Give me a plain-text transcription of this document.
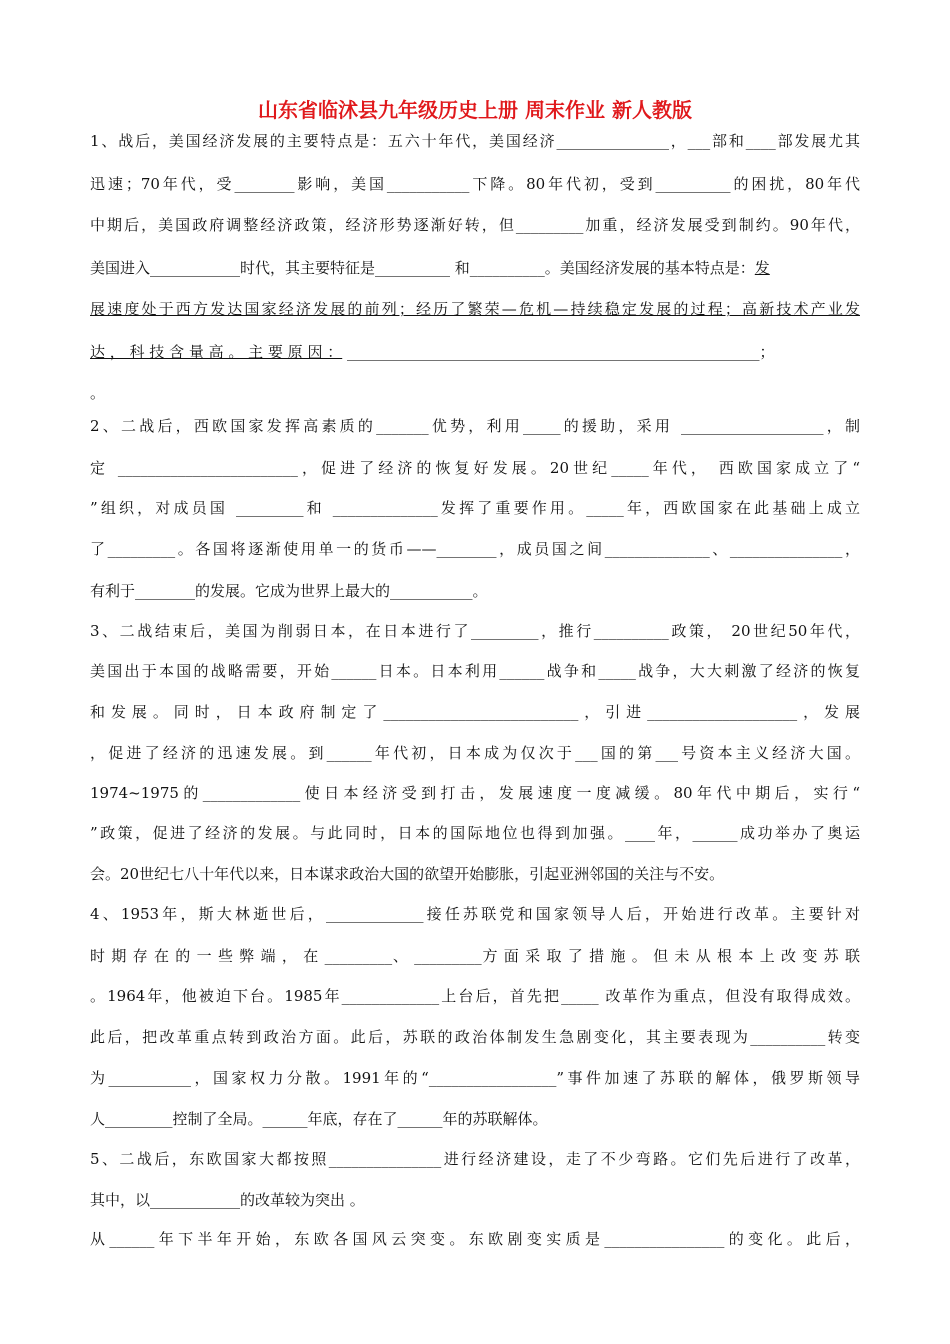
山东省临沭县九年级历史上册 周末作业 新人教版
1、战后，美国经济发展的主要特点是：五六十年代，美国经济_______________，___部和____部发展尤其
迅速；70年代，受________影响，美国___________下降。80年代初，受到__________的困扰，80年代
中期后，美国政府调整经济政策，经济形势逐渐好转，但_________加重，经济发展受到制约。90年代，
美国进入____________时代，其主要特征是__________ 和__________。美国经济发展的基本特点是：发
展速度处于西方发达国家经济发展的前列；经历了繁荣—危机—持续稳定发展的过程；高新技术产业发
达 ， 科 技 含 量 高 。 主 要 原 因 ： _______________________________________________________；
。
2、二战后，西欧国家发挥高素质的_______优势，利用_____的援助，采用 ___________________，制
定 ________________________，促进了经济的恢复好发展。20世纪_____年代， 西欧国家成立了“
”组织，对成员国 _________和 ______________发挥了重要作用。_____年，西欧国家在此基础上成立
了_________。各国将逐渐使用单一的货币——________，成员国之间______________、_______________，
有利于________的发展。它成为世界上最大的___________。
3、二战结束后，美国为削弱日本，在日本进行了_________，推行__________政策， 20世纪50年代，
美国出于本国的战略需要，开始______日本。日本利用______战争和_____战争，大大刺激了经济的恢复
和发展。同时，日本政府制定了__________________________，引进____________________，发展
，促进了经济的迅速发展。到______年代初，日本成为仅次于___国的第___号资本主义经济大国。
1974~1975的_____________使日本经济受到打击，发展速度一度减缓。80年代中期后，实行“
”政策，促进了经济的发展。与此同时，日本的国际地位也得到加强。____年，______成功举办了奥运
会。20世纪七八十年代以来，日本谋求政治大国的欲望开始膨胀，引起亚洲邻国的关注与不安。
4、1953年，斯大林逝世后，_____________接任苏联党和国家领导人后，开始进行改革。主要针对
时 期 存 在 的 一 些 弊 端 ， 在 _________、 _________方 面 采 取 了 措 施 。 但 未 从 根 本 上 改 变 苏 联
。1964年，他被迫下台。1985年_____________上台后，首先把_____ 改革作为重点，但没有取得成效。
此后，把改革重点转到政治方面。此后，苏联的政治体制发生急剧变化，其主要表现为__________转变
为___________，国家权力分散。1991年的“_________________”事件加速了苏联的解体，俄罗斯领导
人_________控制了全局。______年底，存在了______年的苏联解体。
5、二战后，东欧国家大都按照_______________进行经济建设，走了不少弯路。它们先后进行了改革，
其中，以____________的改革较为突出 。
从______年下半年开始，东欧各国风云突变。东欧剧变实质是________________的变化。此后，
